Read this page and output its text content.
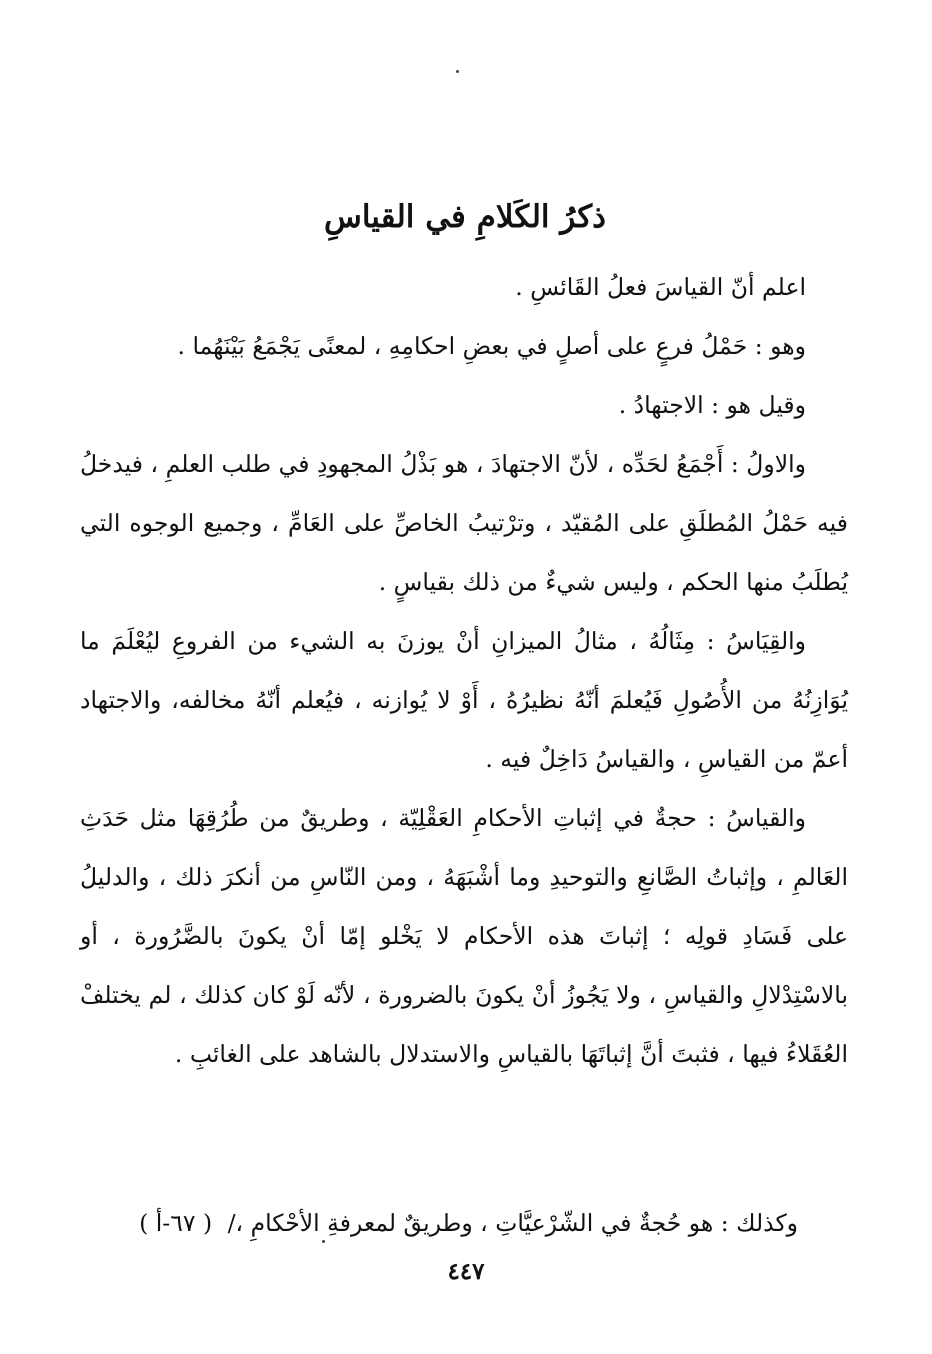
ذكرُ الكَلامِ في القياسِ

اعلم أنّ القياسَ فعلُ القَائسِ .

وهو : حَمْلُ فرعٍ على أصلٍ في بعضِ احكامِهِ ، لمعنًى يَجْمَعُ بَيْنَهُما .

وقيل هو : الاجتهادُ .

والاولُ : أَجْمَعُ لحَدِّه ، لأنّ الاجتهادَ ، هو بَذْلُ المجهودِ في طلب العلمِ ، فيدخلُ فيه حَمْلُ المُطلَقِ على المُقيّد ، وترْتيبُ الخاصِّ على العَامِّ ، وجميع الوجوه التي يُطلَبُ منها الحكم ، وليس شيءٌ من ذلك بقياسٍ .

والقِيَاسُ : مِثَالُهُ ، مثالُ الميزانِ أنْ يوزنَ به الشيء من الفروعِ ليُعْلَمَ ما يُوَازِنُهُ من الأُصُولِ فَيُعلمَ أنّهُ نظيرُهُ ، أَوْ لا يُوازنه ، فيُعلم أنّهُ مخالفه، والاجتهاد أعمّ من القياسِ ، والقياسُ دَاخِلٌ فيه .

والقياسُ : حجةٌ في إثباتِ الأحكامِ العَقْلِيّة ، وطريقٌ من طُرُقِهَا مثل حَدَثِ العَالمِ ، وإثباتُ الصَّانعِ والتوحيدِ وما أشْبَهَهُ ، ومن النّاسِ من أنكرَ ذلك ، والدليلُ على فَسَادِ قولِه ؛ إثباتَ هذه الأحكام لا يَخْلو إمّا أنْ يكونَ بالضَّرُورة ، أو بالاسْتِدْلالِ والقياسِ ، ولا يَجُوزُ أنْ يكونَ بالضرورة ، لأنّه لَوْ كان كذلك ، لم يختلفْ العُقَلاءُ فيها ، فثبتَ أنَّ إثباتَهَا بالقياسِ والاستدلال بالشاهد على الغائبِ .

وكذلك : هو حُجةٌ في الشّرْعيَّاتِ ، وطريقٌ لمعرفةِ الأحْكامِ ،/ ( ٦٧-أ )
٤٤٧
